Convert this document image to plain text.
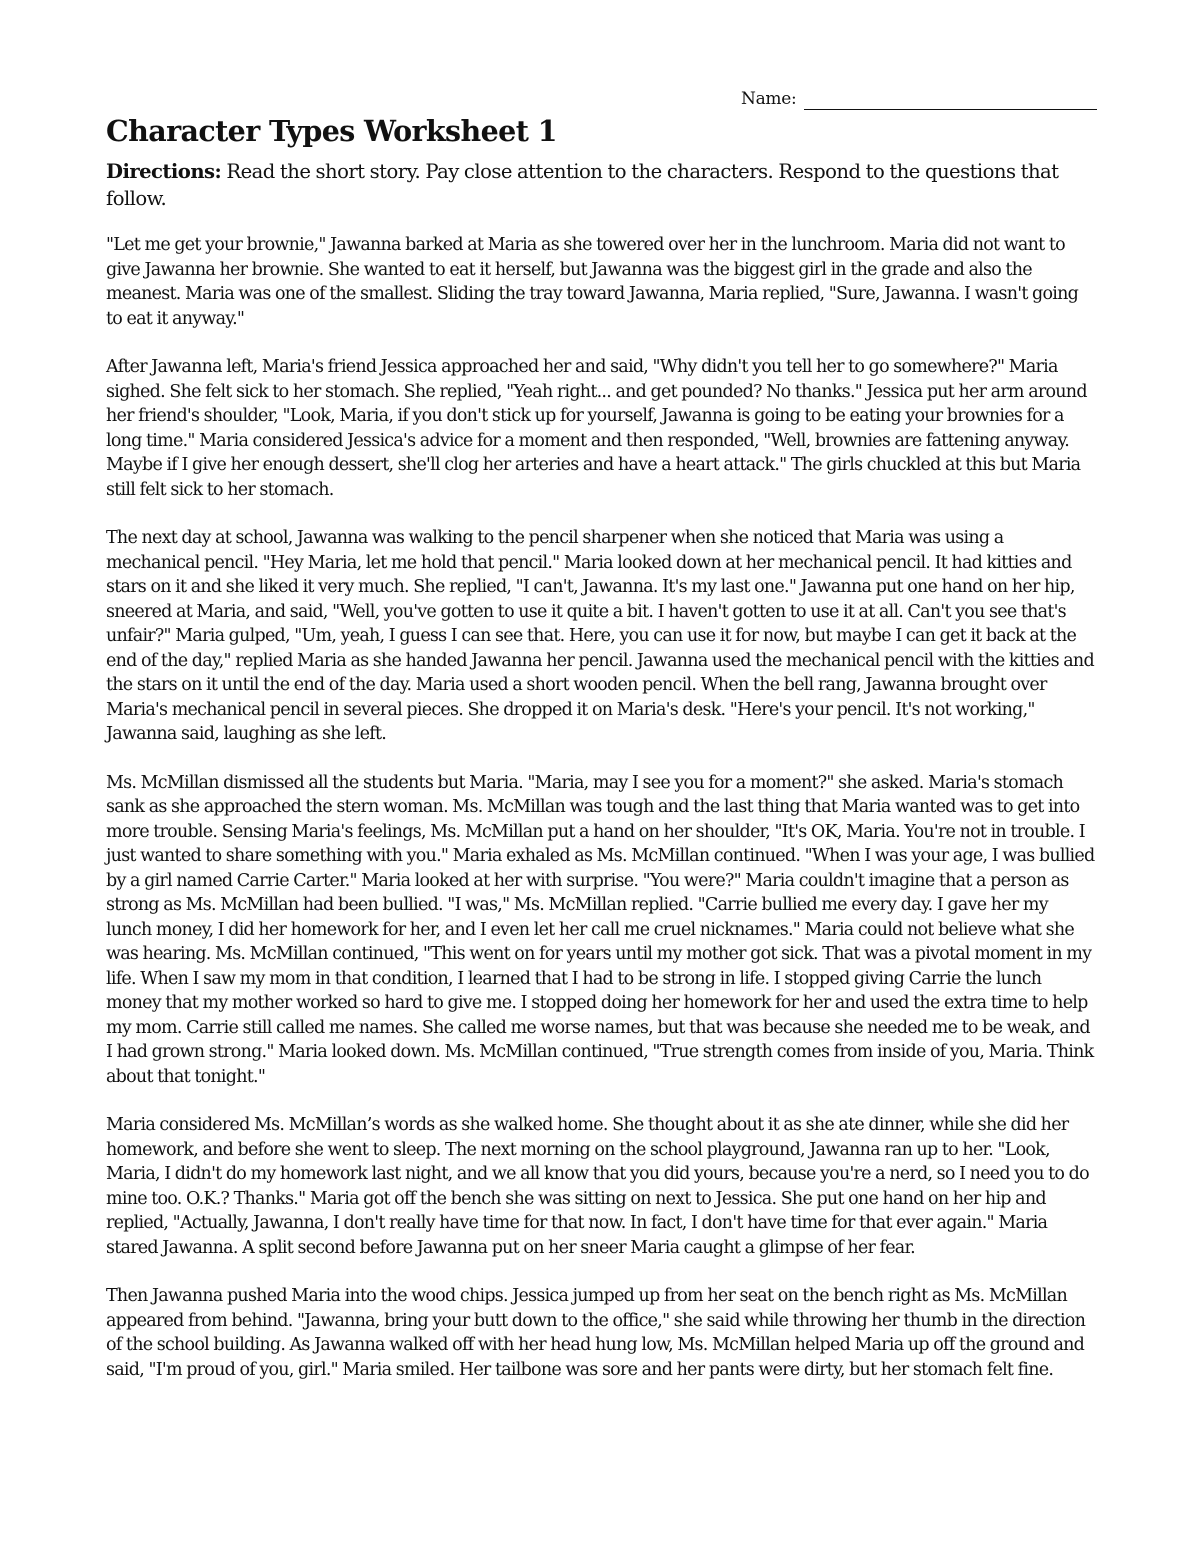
Name:
Character Types Worksheet 1

Directions: Read the short story. Pay close attention to the characters. Respond to the questions that follow.

"Let me get your brownie," Jawanna barked at Maria as she towered over her in the lunchroom. Maria did not want to give Jawanna her brownie. She wanted to eat it herself, but Jawanna was the biggest girl in the grade and also the meanest. Maria was one of the smallest. Sliding the tray toward Jawanna, Maria replied, "Sure, Jawanna. I wasn't going to eat it anyway."

After Jawanna left, Maria's friend Jessica approached her and said, "Why didn't you tell her to go somewhere?" Maria sighed. She felt sick to her stomach. She replied, "Yeah right... and get pounded? No thanks." Jessica put her arm around her friend's shoulder, "Look, Maria, if you don't stick up for yourself, Jawanna is going to be eating your brownies for a long time." Maria considered Jessica's advice for a moment and then responded, "Well, brownies are fattening anyway. Maybe if I give her enough dessert, she'll clog her arteries and have a heart attack." The girls chuckled at this but Maria still felt sick to her stomach.

The next day at school, Jawanna was walking to the pencil sharpener when she noticed that Maria was using a mechanical pencil. "Hey Maria, let me hold that pencil." Maria looked down at her mechanical pencil. It had kitties and stars on it and she liked it very much. She replied, "I can't, Jawanna. It's my last one." Jawanna put one hand on her hip, sneered at Maria, and said, "Well, you've gotten to use it quite a bit. I haven't gotten to use it at all. Can't you see that's unfair?" Maria gulped, "Um, yeah, I guess I can see that. Here, you can use it for now, but maybe I can get it back at the end of the day," replied Maria as she handed Jawanna her pencil. Jawanna used the mechanical pencil with the kitties and the stars on it until the end of the day. Maria used a short wooden pencil. When the bell rang, Jawanna brought over Maria's mechanical pencil in several pieces. She dropped it on Maria's desk. "Here's your pencil. It's not working," Jawanna said, laughing as she left.

Ms. McMillan dismissed all the students but Maria. "Maria, may I see you for a moment?" she asked. Maria's stomach sank as she approached the stern woman. Ms. McMillan was tough and the last thing that Maria wanted was to get into more trouble. Sensing Maria's feelings, Ms. McMillan put a hand on her shoulder, "It's OK, Maria. You're not in trouble. I just wanted to share something with you." Maria exhaled as Ms. McMillan continued. "When I was your age, I was bullied by a girl named Carrie Carter." Maria looked at her with surprise. "You were?" Maria couldn't imagine that a person as strong as Ms. McMillan had been bullied. "I was," Ms. McMillan replied. "Carrie bullied me every day. I gave her my lunch money, I did her homework for her, and I even let her call me cruel nicknames." Maria could not believe what she was hearing. Ms. McMillan continued, "This went on for years until my mother got sick. That was a pivotal moment in my life. When I saw my mom in that condition, I learned that I had to be strong in life. I stopped giving Carrie the lunch money that my mother worked so hard to give me. I stopped doing her homework for her and used the extra time to help my mom. Carrie still called me names. She called me worse names, but that was because she needed me to be weak, and I had grown strong." Maria looked down. Ms. McMillan continued, "True strength comes from inside of you, Maria. Think about that tonight."

Maria considered Ms. McMillan’s words as she walked home. She thought about it as she ate dinner, while she did her homework, and before she went to sleep. The next morning on the school playground, Jawanna ran up to her. "Look, Maria, I didn't do my homework last night, and we all know that you did yours, because you're a nerd, so I need you to do mine too. O.K.? Thanks." Maria got off the bench she was sitting on next to Jessica. She put one hand on her hip and replied, "Actually, Jawanna, I don't really have time for that now. In fact, I don't have time for that ever again." Maria stared Jawanna. A split second before Jawanna put on her sneer Maria caught a glimpse of her fear.

Then Jawanna pushed Maria into the wood chips. Jessica jumped up from her seat on the bench right as Ms. McMillan appeared from behind. "Jawanna, bring your butt down to the office," she said while throwing her thumb in the direction of the school building. As Jawanna walked off with her head hung low, Ms. McMillan helped Maria up off the ground and said, "I'm proud of you, girl." Maria smiled. Her tailbone was sore and her pants were dirty, but her stomach felt fine.
